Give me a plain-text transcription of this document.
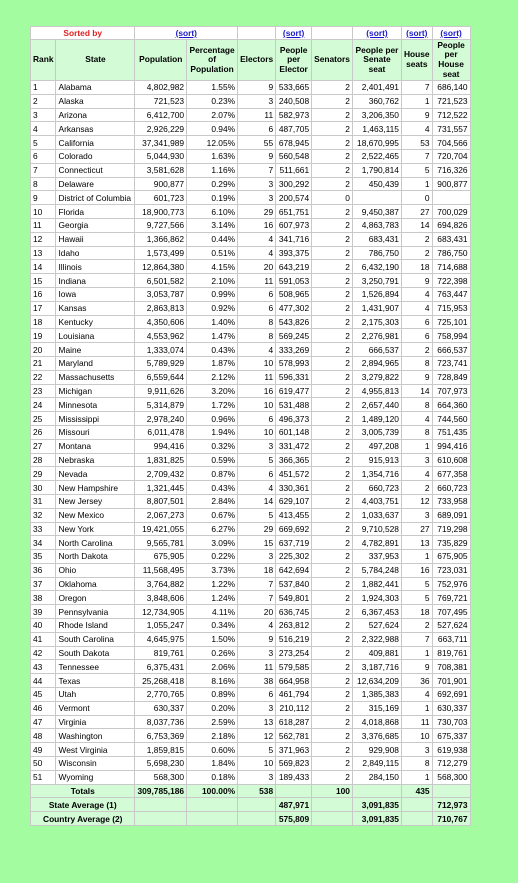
Sorted by		(sort)			(sort)		(sort)	(sort)	(sort)
Rank	State	Population	Percentage of Population	Electors	People per Elector	Senators	People per Senate seat	House seats	People per House seat
1	Alabama	4,802,982	1.55%	9	533,665	2	2,401,491	7	686,140
2	Alaska	721,523	0.23%	3	240,508	2	360,762	1	721,523
3	Arizona	6,412,700	2.07%	11	582,973	2	3,206,350	9	712,522
4	Arkansas	2,926,229	0.94%	6	487,705	2	1,463,115	4	731,557
5	California	37,341,989	12.05%	55	678,945	2	18,670,995	53	704,566
6	Colorado	5,044,930	1.63%	9	560,548	2	2,522,465	7	720,704
7	Connecticut	3,581,628	1.16%	7	511,661	2	1,790,814	5	716,326
8	Delaware	900,877	0.29%	3	300,292	2	450,439	1	900,877
9	District of Columbia	601,723	0.19%	3	200,574	0		0	
10	Florida	18,900,773	6.10%	29	651,751	2	9,450,387	27	700,029
11	Georgia	9,727,566	3.14%	16	607,973	2	4,863,783	14	694,826
12	Hawaii	1,366,862	0.44%	4	341,716	2	683,431	2	683,431
13	Idaho	1,573,499	0.51%	4	393,375	2	786,750	2	786,750
14	Illinois	12,864,380	4.15%	20	643,219	2	6,432,190	18	714,688
15	Indiana	6,501,582	2.10%	11	591,053	2	3,250,791	9	722,398
16	Iowa	3,053,787	0.99%	6	508,965	2	1,526,894	4	763,447
17	Kansas	2,863,813	0.92%	6	477,302	2	1,431,907	4	715,953
18	Kentucky	4,350,606	1.40%	8	543,826	2	2,175,303	6	725,101
19	Louisiana	4,553,962	1.47%	8	569,245	2	2,276,981	6	758,994
20	Maine	1,333,074	0.43%	4	333,269	2	666,537	2	666,537
21	Maryland	5,789,929	1.87%	10	578,993	2	2,894,965	8	723,741
22	Massachusetts	6,559,644	2.12%	11	596,331	2	3,279,822	9	728,849
23	Michigan	9,911,626	3.20%	16	619,477	2	4,955,813	14	707,973
24	Minnesota	5,314,879	1.72%	10	531,488	2	2,657,440	8	664,360
25	Mississippi	2,978,240	0.96%	6	496,373	2	1,489,120	4	744,560
26	Missouri	6,011,478	1.94%	10	601,148	2	3,005,739	8	751,435
27	Montana	994,416	0.32%	3	331,472	2	497,208	1	994,416
28	Nebraska	1,831,825	0.59%	5	366,365	2	915,913	3	610,608
29	Nevada	2,709,432	0.87%	6	451,572	2	1,354,716	4	677,358
30	New Hampshire	1,321,445	0.43%	4	330,361	2	660,723	2	660,723
31	New Jersey	8,807,501	2.84%	14	629,107	2	4,403,751	12	733,958
32	New Mexico	2,067,273	0.67%	5	413,455	2	1,033,637	3	689,091
33	New York	19,421,055	6.27%	29	669,692	2	9,710,528	27	719,298
34	North Carolina	9,565,781	3.09%	15	637,719	2	4,782,891	13	735,829
35	North Dakota	675,905	0.22%	3	225,302	2	337,953	1	675,905
36	Ohio	11,568,495	3.73%	18	642,694	2	5,784,248	16	723,031
37	Oklahoma	3,764,882	1.22%	7	537,840	2	1,882,441	5	752,976
38	Oregon	3,848,606	1.24%	7	549,801	2	1,924,303	5	769,721
39	Pennsylvania	12,734,905	4.11%	20	636,745	2	6,367,453	18	707,495
40	Rhode Island	1,055,247	0.34%	4	263,812	2	527,624	2	527,624
41	South Carolina	4,645,975	1.50%	9	516,219	2	2,322,988	7	663,711
42	South Dakota	819,761	0.26%	3	273,254	2	409,881	1	819,761
43	Tennessee	6,375,431	2.06%	11	579,585	2	3,187,716	9	708,381
44	Texas	25,268,418	8.16%	38	664,958	2	12,634,209	36	701,901
45	Utah	2,770,765	0.89%	6	461,794	2	1,385,383	4	692,691
46	Vermont	630,337	0.20%	3	210,112	2	315,169	1	630,337
47	Virginia	8,037,736	2.59%	13	618,287	2	4,018,868	11	730,703
48	Washington	6,753,369	2.18%	12	562,781	2	3,376,685	10	675,337
49	West Virginia	1,859,815	0.60%	5	371,963	2	929,908	3	619,938
50	Wisconsin	5,698,230	1.84%	10	569,823	2	2,849,115	8	712,279
51	Wyoming	568,300	0.18%	3	189,433	2	284,150	1	568,300
Totals		309,785,186	100.00%	538		100		435	
State Average (1)					487,971		3,091,835		712,973
Country Average (2)					575,809		3,091,835		710,767
